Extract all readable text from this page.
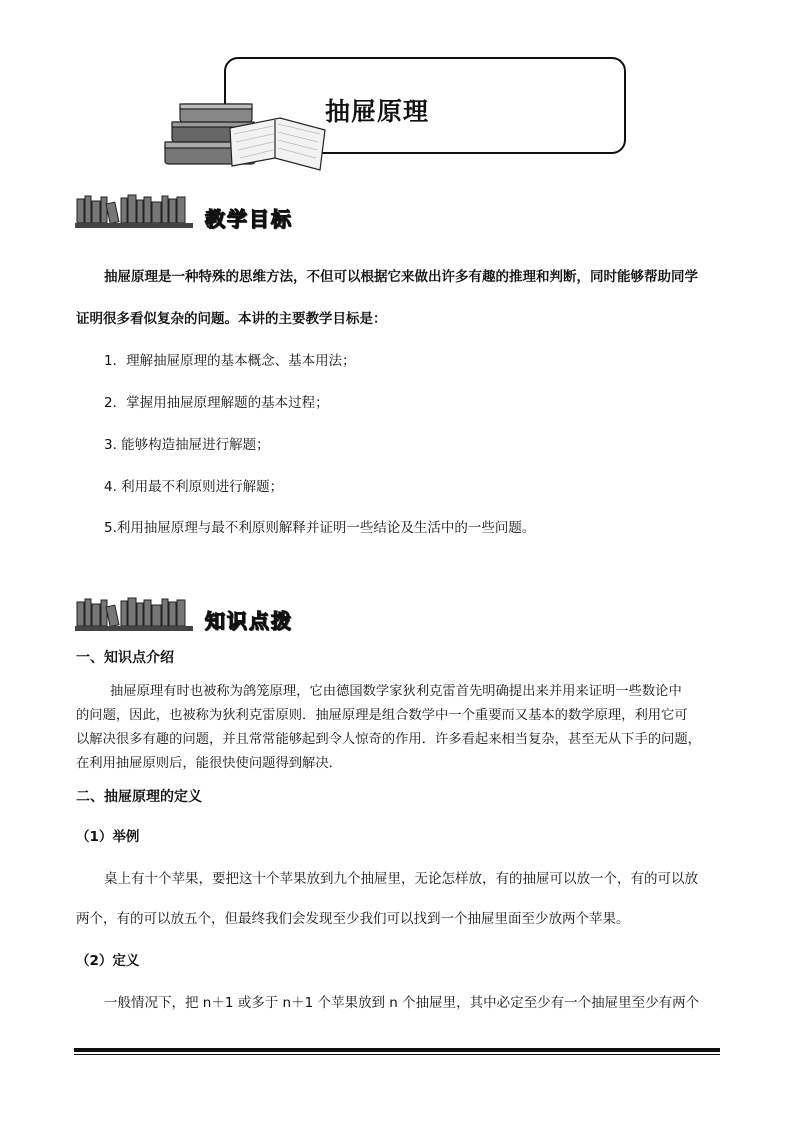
抽屉原理
教学目标
抽屉原理是一种特殊的思维方法，不但可以根据它来做出许多有趣的推理和判断，同时能够帮助同学
证明很多看似复杂的问题。本讲的主要教学目标是：
1．理解抽屉原理的基本概念、基本用法；
2．掌握用抽屉原理解题的基本过程；
3. 能够构造抽屉进行解题；
4. 利用最不利原则进行解题；
5.利用抽屉原理与最不利原则解释并证明一些结论及生活中的一些问题。
知识点拨
一、知识点介绍
抽屉原理有时也被称为鸽笼原理，它由德国数学家狄利克雷首先明确提出来并用来证明一些数论中
的问题，因此，也被称为狄利克雷原则．抽屉原理是组合数学中一个重要而又基本的数学原理，利用它可
以解决很多有趣的问题，并且常常能够起到令人惊奇的作用．许多看起来相当复杂，甚至无从下手的问题，
在利用抽屉原则后，能很快使问题得到解决．
二、抽屉原理的定义
（1）举例
桌上有十个苹果，要把这十个苹果放到九个抽屉里，无论怎样放，有的抽屉可以放一个，有的可以放
两个，有的可以放五个，但最终我们会发现至少我们可以找到一个抽屉里面至少放两个苹果。
（2）定义
一般情况下，把 n＋1 或多于 n＋1 个苹果放到 n 个抽屉里，其中必定至少有一个抽屉里至少有两个
